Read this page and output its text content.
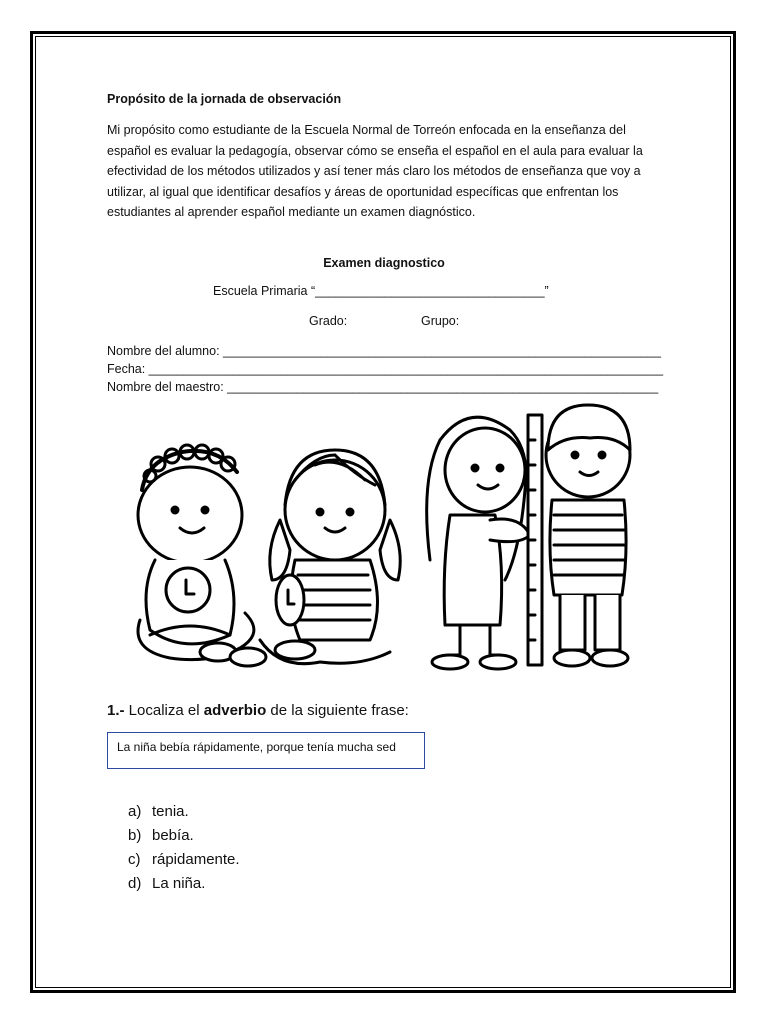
Propósito de la jornada de observación
Mi propósito como estudiante de la Escuela Normal de Torreón enfocada en la enseñanza del
español es evaluar la pedagogía, observar cómo se enseña el español en el aula para evaluar la
efectividad de los métodos utilizados y así tener más claro los métodos de enseñanza que voy a
utilizar, al igual que identificar desafíos y áreas de oportunidad específicas que enfrentan los
estudiantes al aprender español mediante un examen diagnóstico.
Examen diagnostico
Escuela Primaria “_________________________________”
Grado:	Grupo:
Nombre del alumno: _______________________________________________________________
Fecha: __________________________________________________________________________
Nombre del maestro: ______________________________________________________________
1.- Localiza el adverbio de la siguiente frase:
La niña bebía rápidamente, porque tenía mucha sed
a) tenia.
b) bebía.
c) rápidamente.
d) La niña.
